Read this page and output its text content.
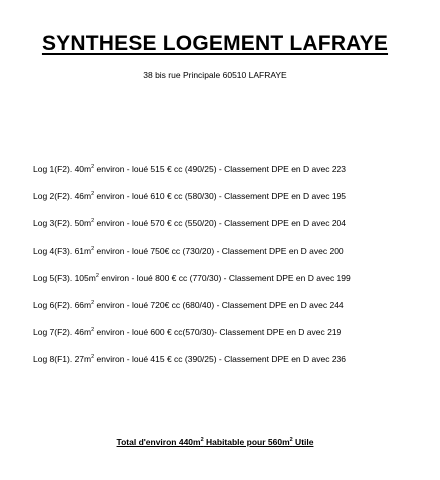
SYNTHESE LOGEMENT LAFRAYE
38 bis rue Principale 60510 LAFRAYE
Log 1(F2). $40m^2$ environ - loué 515 € cc (490/25) - Classement DPE en D avec 223
Log 2(F2). $46m^2$ environ - loué 610 € cc (580/30) - Classement DPE en D avec 195
Log 3(F2). $50m^2$ environ - loué 570 € cc (550/20) - Classement DPE en D avec 204
Log 4(F3). $61m^2$ environ - loué 750€ cc (730/20) - Classement DPE en D avec 200
Log 5(F3). $105m^2$ environ - loué 800 € cc (770/30) - Classement DPE en D avec 199
Log 6(F2). $66m^2$ environ - loué 720€ cc (680/40) - Classement DPE en D avec 244
Log 7(F2). $46m^2$ environ - loué 600 € cc(570/30)- Classement DPE en D avec 219
Log 8(F1). $27m^2$ environ - loué 415 € cc (390/25) - Classement DPE en D avec 236
Total d'environ $440m^2$ Habitable pour $560m^2$ Utile
